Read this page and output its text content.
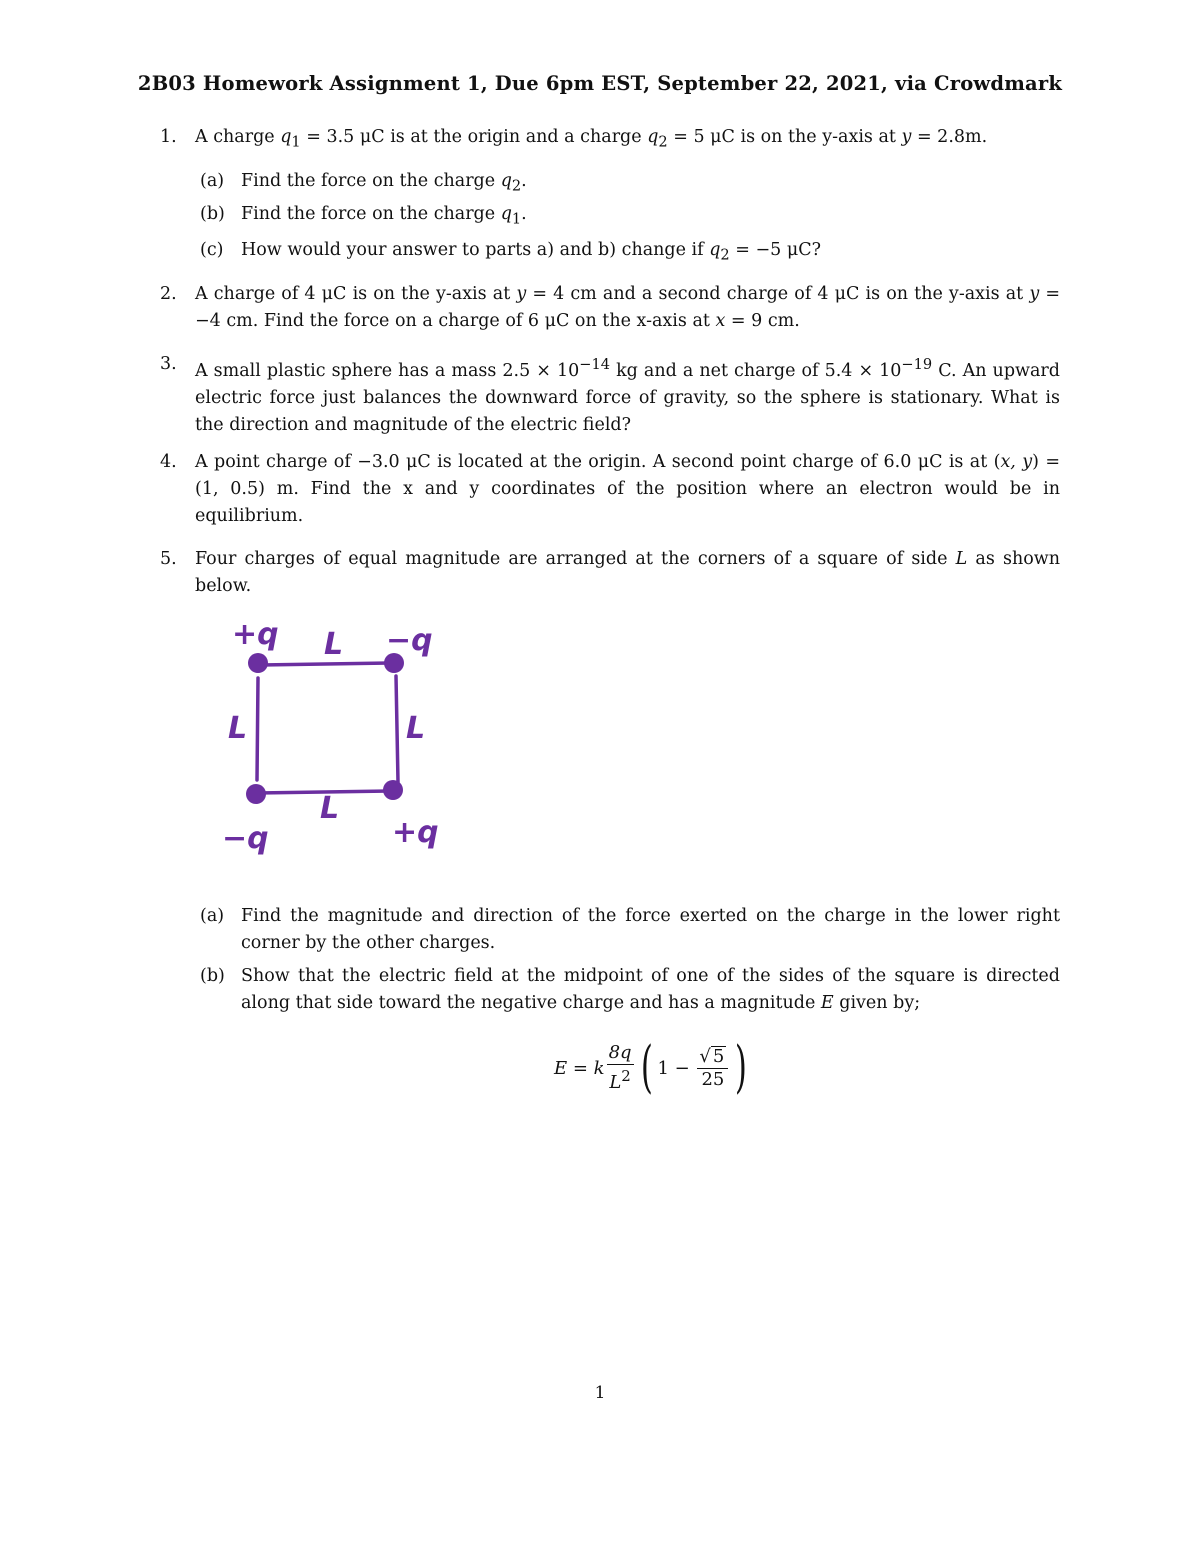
2B03 Homework Assignment 1, Due 6pm EST, September 22, 2021, via Crowdmark
1. A charge $q_1 = 3.5$ μC is at the origin and a charge $q_2 = 5$ μC is on the y-axis at y = 2.8m.
(a) Find the force on the charge $q_2$.
(b) Find the force on the charge $q_1$.
(c) How would your answer to parts a) and b) change if $q_2 = -5$ μC?
2. A charge of 4 μC is on the y-axis at y = 4 cm and a second charge of 4 μC is on the y-axis at y = −4 cm. Find the force on a charge of 6 μC on the x-axis at x = 9 cm.
3. A small plastic sphere has a mass $2.5 \times 10^{-14}$ kg and a net charge of $5.4 \times 10^{-19}$ C. An upward electric force just balances the downward force of gravity, so the sphere is stationary. What is the direction and magnitude of the electric field?
4. A point charge of −3.0 μC is located at the origin. A second point charge of 6.0 μC is at (x, y) = (1, 0.5) m. Find the x and y coordinates of the position where an electron would be in equilibrium.
5. Four charges of equal magnitude are arranged at the corners of a square of side L as shown below.
+q	−q
−q	+q
L
L	L
L
(a) Find the magnitude and direction of the force exerted on the charge in the lower right corner by the other charges.
(b) Show that the electric field at the midpoint of one of the sides of the square is directed along that side toward the negative charge and has a magnitude E given by;
E = k $\frac{8q}{L^2}$ ( $1 - \frac{√ 5}{25}$ )
1
